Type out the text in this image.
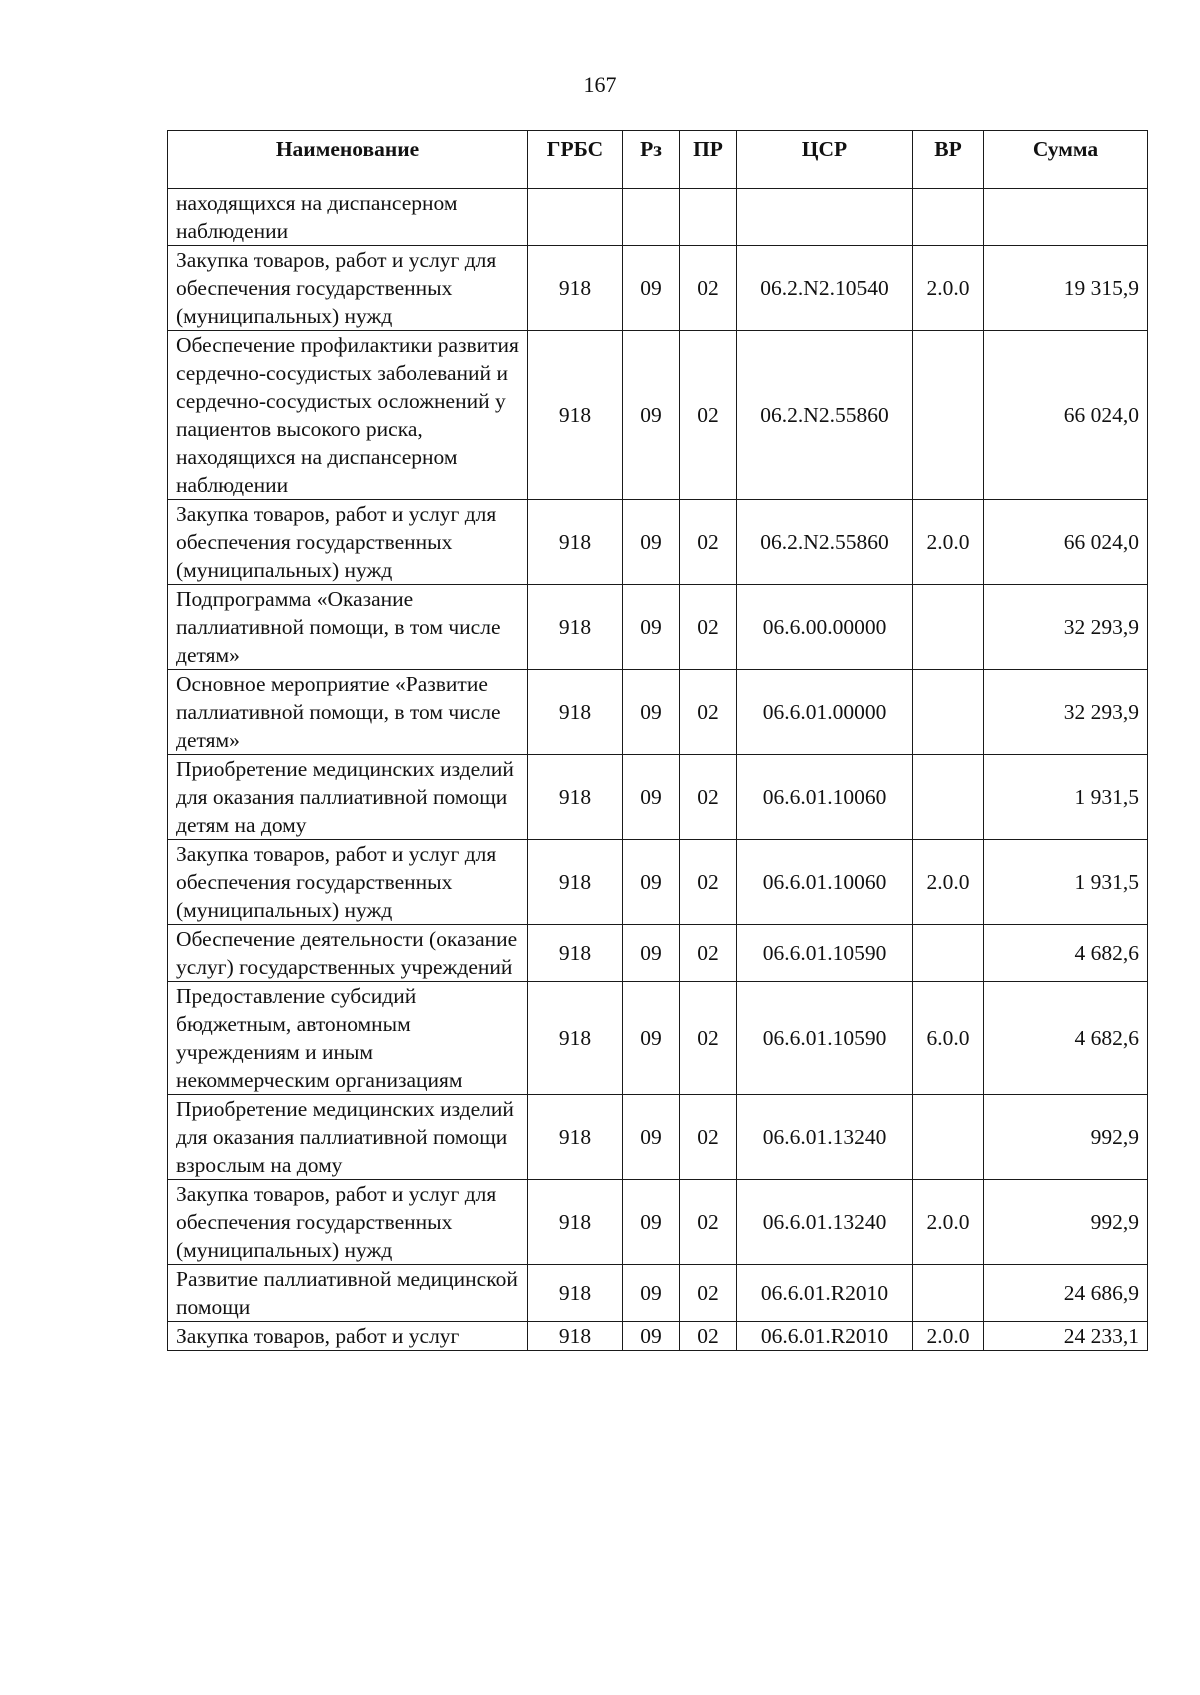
167
Наименование	ГРБС	Рз	ПР	ЦСР	ВР	Сумма
находящихся на диспансерном наблюдении						
Закупка товаров, работ и услуг для обеспечения государственных (муниципальных) нужд	918	09	02	06.2.N2.10540	2.0.0	19 315,9
Обеспечение профилактики развития сердечно-сосудистых заболеваний и сердечно-сосудистых осложнений у пациентов высокого риска, находящихся на диспансерном наблюдении	918	09	02	06.2.N2.55860		66 024,0
Закупка товаров, работ и услуг для обеспечения государственных (муниципальных) нужд	918	09	02	06.2.N2.55860	2.0.0	66 024,0
Подпрограмма «Оказание паллиативной помощи, в том числе детям»	918	09	02	06.6.00.00000		32 293,9
Основное мероприятие «Развитие паллиативной помощи, в том числе детям»	918	09	02	06.6.01.00000		32 293,9
Приобретение медицинских изделий для оказания паллиативной помощи детям на дому	918	09	02	06.6.01.10060		1 931,5
Закупка товаров, работ и услуг для обеспечения государственных (муниципальных) нужд	918	09	02	06.6.01.10060	2.0.0	1 931,5
Обеспечение деятельности (оказание услуг) государственных учреждений	918	09	02	06.6.01.10590		4 682,6
Предоставление субсидий бюджетным, автономным учреждениям и иным некоммерческим организациям	918	09	02	06.6.01.10590	6.0.0	4 682,6
Приобретение медицинских изделий для оказания паллиативной помощи взрослым на дому	918	09	02	06.6.01.13240		992,9
Закупка товаров, работ и услуг для обеспечения государственных (муниципальных) нужд	918	09	02	06.6.01.13240	2.0.0	992,9
Развитие паллиативной медицинской помощи	918	09	02	06.6.01.R2010		24 686,9
Закупка товаров, работ и услуг	918	09	02	06.6.01.R2010	2.0.0	24 233,1
